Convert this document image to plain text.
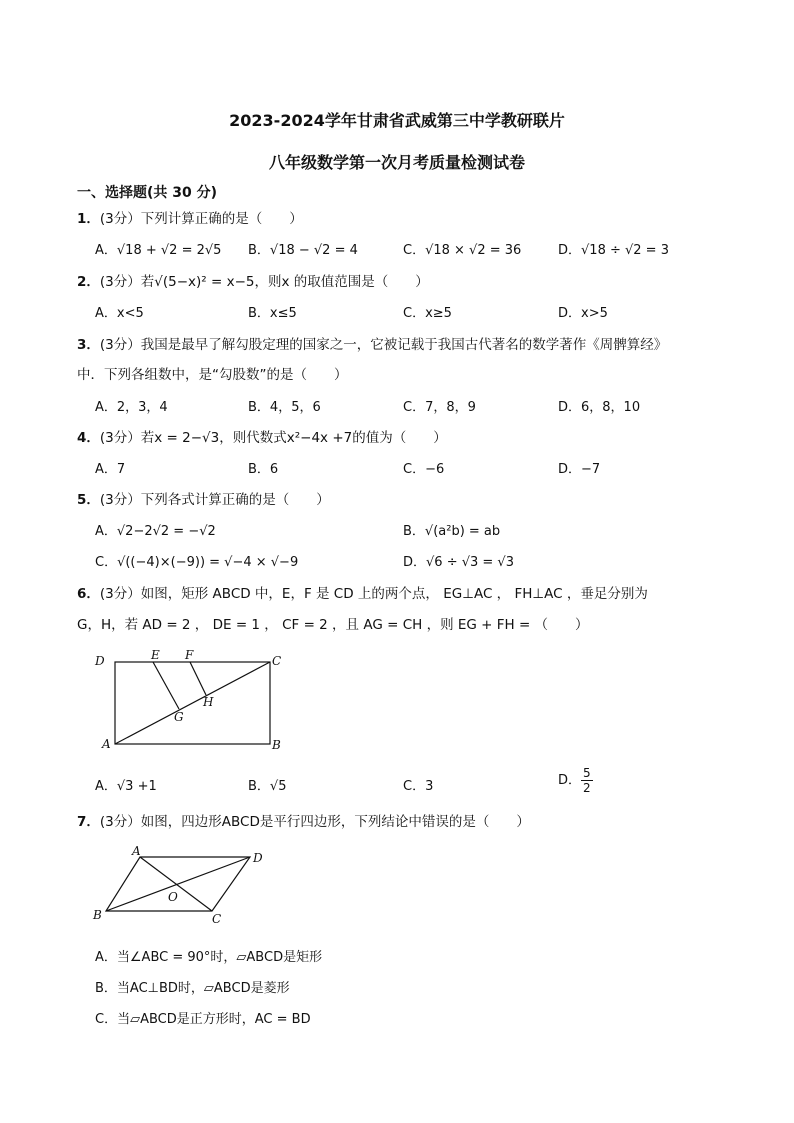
2023-2024学年甘肃省武威第三中学教研联片
八年级数学第一次月考质量检测试卷
一、选择题(共 30 分)
1．(3分）下列计算正确的是（　　）
A．√18 + √2 = 2√5 B．√18 − √2 = 4	C．√18 × √2 = 36	D．√18 ÷ √2 = 3
2．(3分）若√(5−x)² = x−5，则x 的取值范围是（　　）
A．x<5	B．x≤5	C．x≥5	D．x>5
3．(3分）我国是最早了解勾股定理的国家之一，它被记载于我国古代著名的数学著作《周髀算经》
中．下列各组数中，是“勾股数”的是（　　）
A．2，3，4	B．4，5，6	C．7，8，9	D．6，8，10
4．(3分）若x = 2−√3，则代数式x²−4x +7的值为（　　）
A．7	B．6	C．−6	D．−7
5．(3分）下列各式计算正确的是（　　）
A．√2−2√2 = −√2	B．√(a²b) = ab
C．√((−4)×(−9)) = √−4 × √−9	D．√6 ÷ √3 = √3
6．(3分）如图，矩形 ABCD 中，E，F 是 CD 上的两个点， EG⊥AC ， FH⊥AC ，垂足分别为
G，H，若 AD = 2 ， DE = 1 ， CF = 2 ，且 AG = CH ，则 EG + FH = （　　）
D	E F	C
G
H
A	B
A．√3 +1	B．√5	C．3	D． $\frac{5}{2}$
7．(3分）如图，四边形ABCD是平行四边形，下列结论中错误的是（　　）
A	D
O
B	C
A．当∠ABC = 90°时，▱ABCD是矩形
B．当AC⊥BD时，▱ABCD是菱形
C．当▱ABCD是正方形时，AC = BD
